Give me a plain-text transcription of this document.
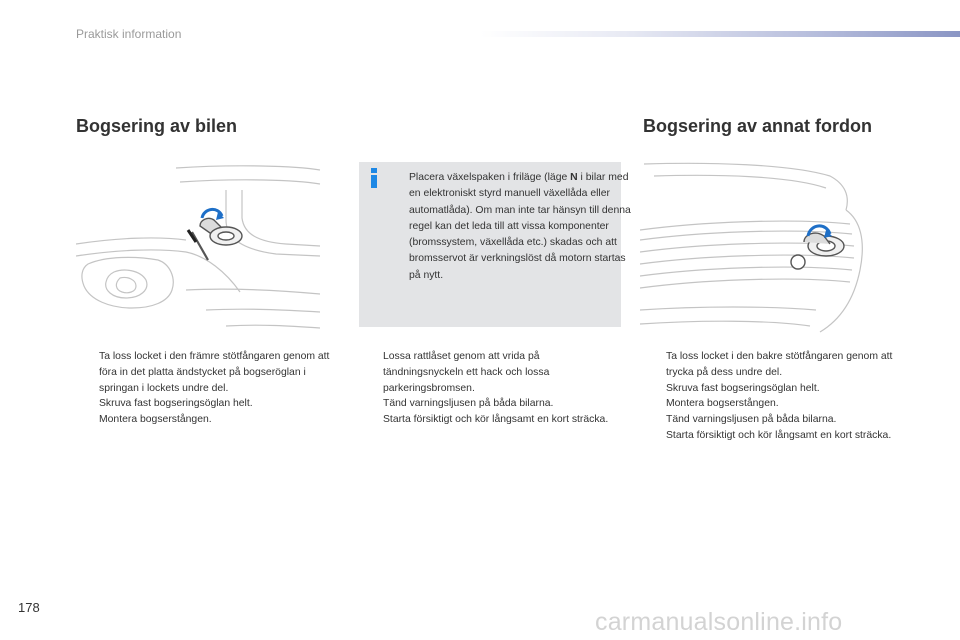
Praktisk information
Bogsering av bilen	Bogsering av annat fordon

Placera växelspaken i friläge (läge N i bilar med en elektroniskt styrd manuell växellåda eller automatlåda). Om man inte tar hänsyn till denna regel kan det leda till att vissa komponenter (bromssystem, växellåda etc.) skadas och att bromsservot är verkningslöst då motorn startas på nytt.

Ta loss locket i den främre stötfångaren genom att föra in det platta ändstycket på bogseröglan i springan i lockets undre del.
Skruva fast bogseringsöglan helt.
Montera bogserstången.
Lossa rattlåset genom att vrida på tändningsnyckeln ett hack och lossa parkeringsbromsen.
Tänd varningsljusen på båda bilarna.
Starta försiktigt och kör långsamt en kort sträcka.
Ta loss locket i den bakre stötfångaren genom att trycka på dess undre del.
Skruva fast bogseringsöglan helt.
Montera bogserstången.
Tänd varningsljusen på båda bilarna.
Starta försiktigt och kör långsamt en kort sträcka.
178
carmanualsonline.info
